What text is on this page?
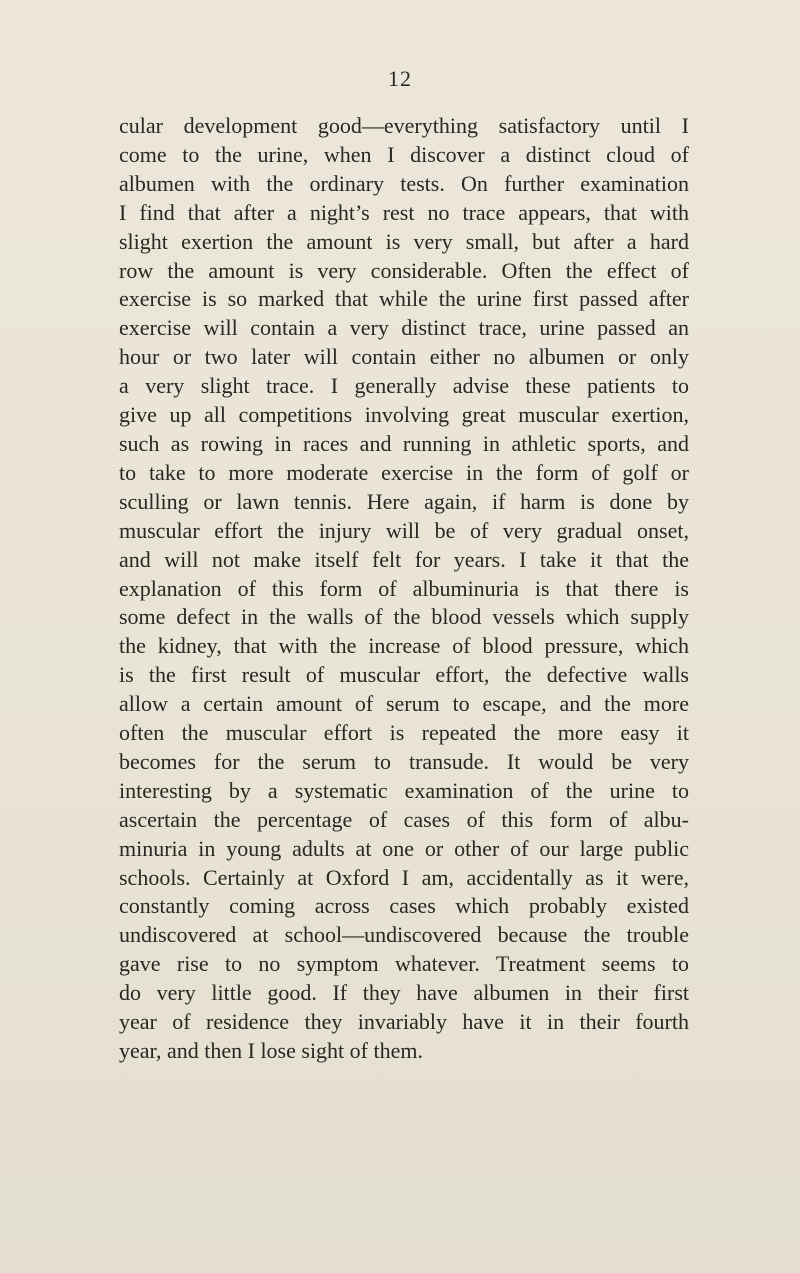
12
cular development good—everything satisfactory until I
come to the urine, when I discover a distinct cloud of
albumen with the ordinary tests. On further examination
I find that after a night’s rest no trace appears, that with
slight exertion the amount is very small, but after a hard
row the amount is very considerable. Often the effect of
exercise is so marked that while the urine first passed after
exercise will contain a very distinct trace, urine passed an
hour or two later will contain either no albumen or only
a very slight trace. I generally advise these patients to
give up all competitions involving great muscular exertion,
such as rowing in races and running in athletic sports, and
to take to more moderate exercise in the form of golf or
sculling or lawn tennis. Here again, if harm is done by
muscular effort the injury will be of very gradual onset,
and will not make itself felt for years. I take it that the
explanation of this form of albuminuria is that there is
some defect in the walls of the blood vessels which supply
the kidney, that with the increase of blood pressure, which
is the first result of muscular effort, the defective walls
allow a certain amount of serum to escape, and the more
often the muscular effort is repeated the more easy it
becomes for the serum to transude. It would be very
interesting by a systematic examination of the urine to
ascertain the percentage of cases of this form of albu-
minuria in young adults at one or other of our large public
schools. Certainly at Oxford I am, accidentally as it were,
constantly coming across cases which probably existed
undiscovered at school—undiscovered because the trouble
gave rise to no symptom whatever. Treatment seems to
do very little good. If they have albumen in their first
year of residence they invariably have it in their fourth
year, and then I lose sight of them.
